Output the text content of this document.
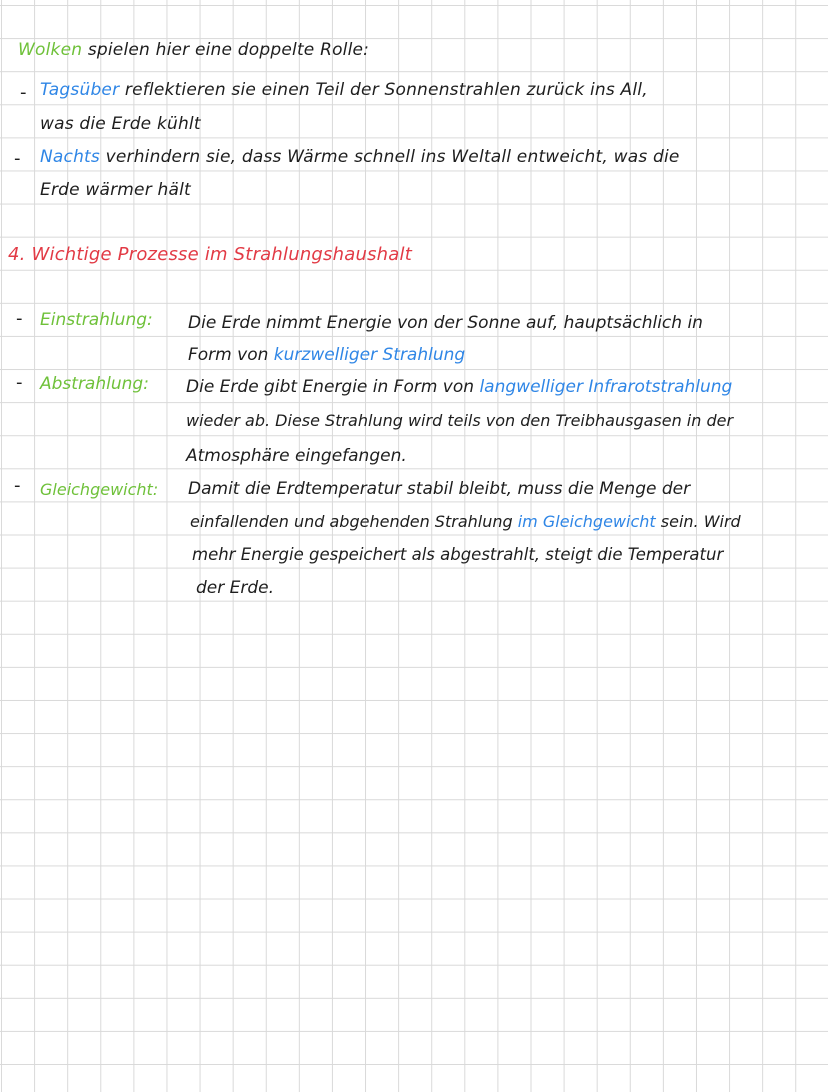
Wolken spielen hier eine doppelte Rolle:
- Tagsüber reflektieren sie einen Teil der Sonnenstrahlen zurück ins All,
was die Erde kühlt
- Nachts verhindern sie, dass Wärme schnell ins Weltall entweicht, was die
Erde wärmer hält
4. Wichtige Prozesse im Strahlungshaushalt
- Einstrahlung: Die Erde nimmt Energie von der Sonne auf, hauptsächlich in
Form von kurzwelliger Strahlung
- Abstrahlung: Die Erde gibt Energie in Form von langwelliger Infrarotstrahlung
wieder ab. Diese Strahlung wird teils von den Treibhausgasen in der
Atmosphäre eingefangen.
- Gleichgewicht: Damit die Erdtemperatur stabil bleibt, muss die Menge der
einfallenden und abgehenden Strahlung im Gleichgewicht sein. Wird
mehr Energie gespeichert als abgestrahlt, steigt die Temperatur
der Erde.
